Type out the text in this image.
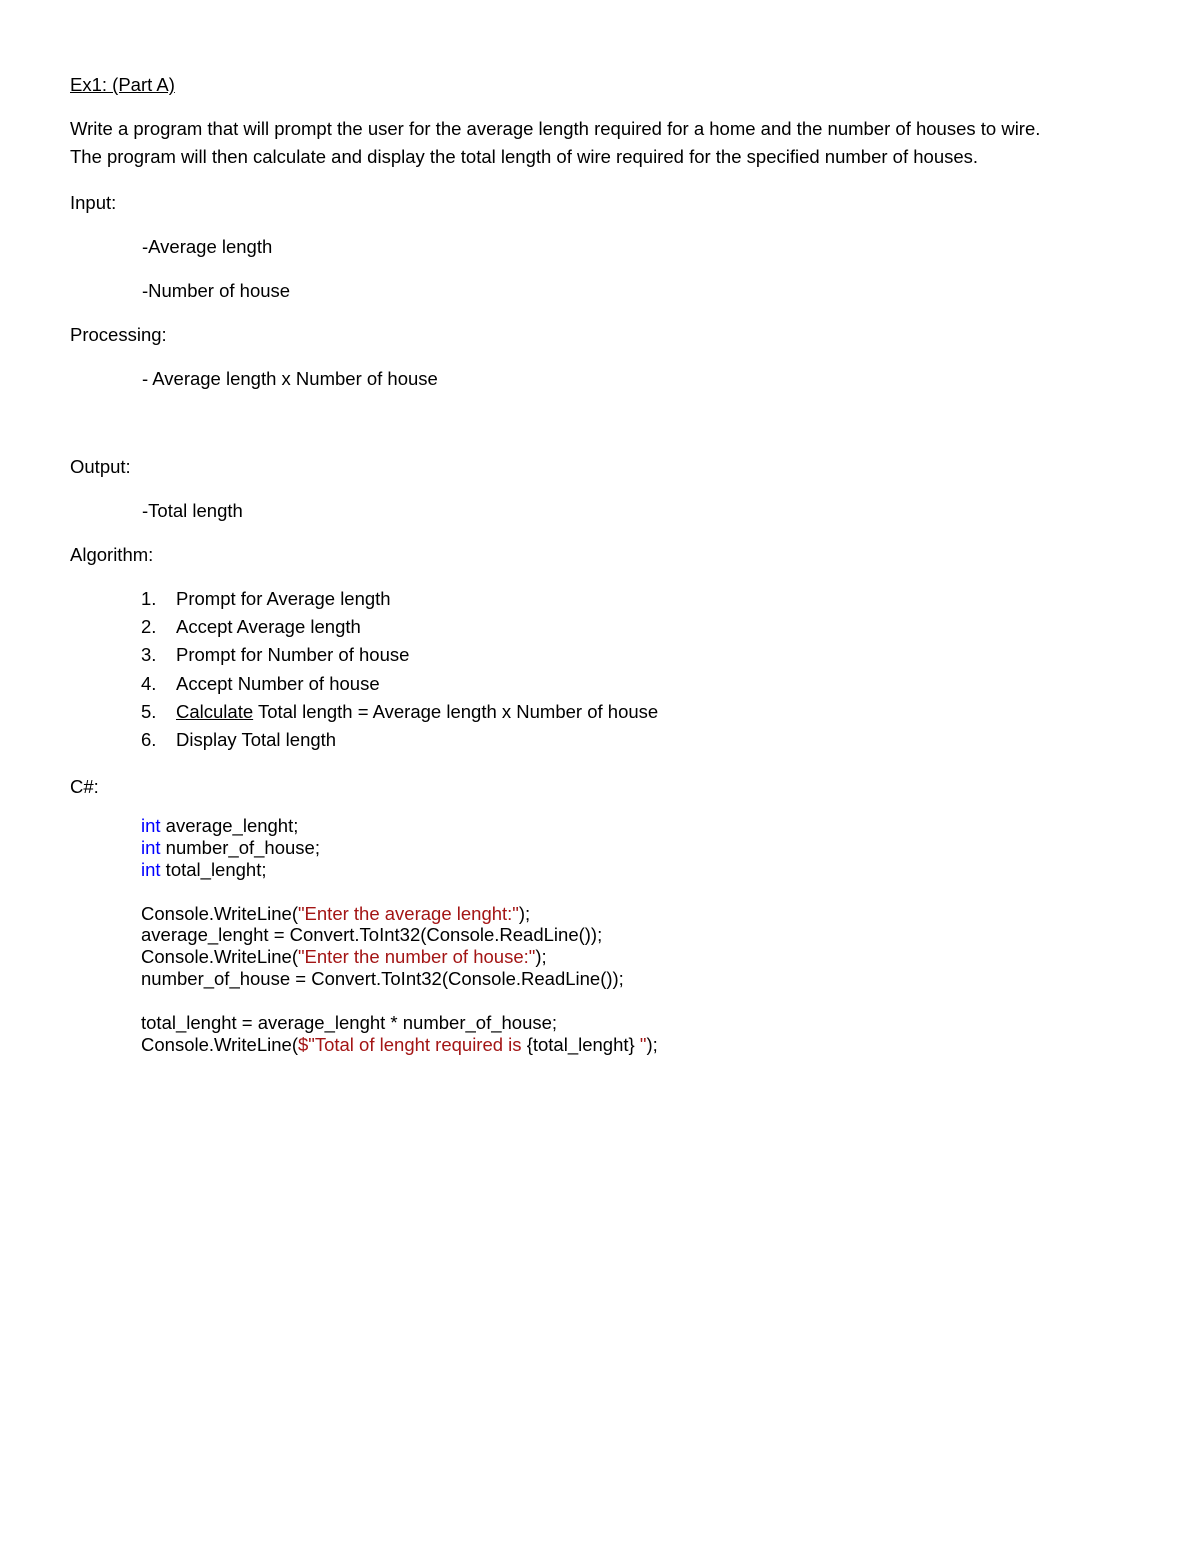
Ex1: (Part A)
Write a program that will prompt the user for the average length required for a home and the number of houses to wire.
The program will then calculate and display the total length of wire required for the specified number of houses.
Input:
-Average length
-Number of house
Processing:
- Average length x Number of house
Output:
-Total length
Algorithm:
1. Prompt for Average length
2. Accept Average length
3. Prompt for Number of house
4. Accept Number of house
5. Calculate Total length = Average length x Number of house
6. Display Total length
C#:
int average_lenght;
int number_of_house;
int total_lenght;
Console.WriteLine("Enter the average lenght:");
average_lenght = Convert.ToInt32(Console.ReadLine());
Console.WriteLine("Enter the number of house:");
number_of_house = Convert.ToInt32(Console.ReadLine());
total_lenght = average_lenght * number_of_house;
Console.WriteLine($"Total of lenght required is {total_lenght} ");
